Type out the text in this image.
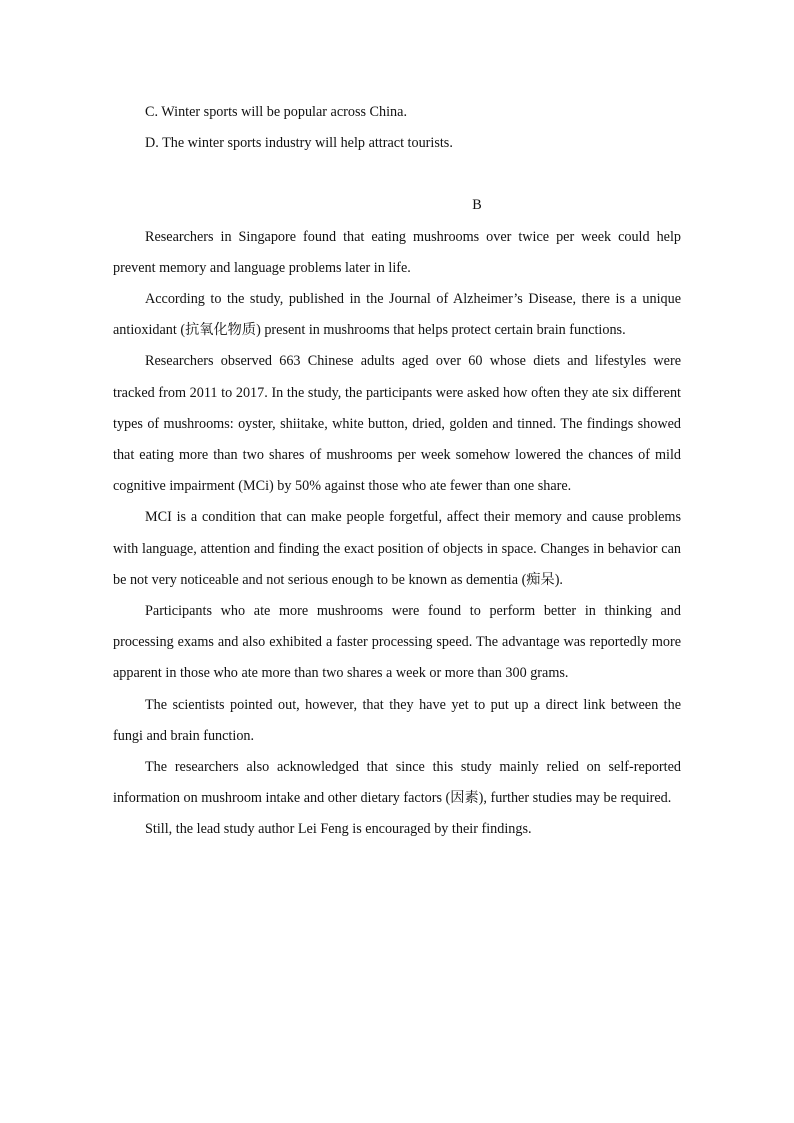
C. Winter sports will be popular across China.

D. The winter sports industry will help attract tourists.

B

Researchers in Singapore found that eating mushrooms over twice per week could help prevent memory and language problems later in life.

According to the study, published in the Journal of Alzheimer’s Disease, there is a unique antioxidant (抗氧化物质) present in mushrooms that helps protect certain brain functions.

Researchers observed 663 Chinese adults aged over 60 whose diets and lifestyles were tracked from 2011 to 2017. In the study, the participants were asked how often they ate six different types of mushrooms: oyster, shiitake, white button, dried, golden and tinned. The findings showed that eating more than two shares of mushrooms per week somehow lowered the chances of mild cognitive impairment (MCi) by 50% against those who ate fewer than one share.

MCI is a condition that can make people forgetful, affect their memory and cause problems with language, attention and finding the exact position of objects in space. Changes in behavior can be not very noticeable and not serious enough to be known as dementia (痴呆).

Participants who ate more mushrooms were found to perform better in thinking and processing exams and also exhibited a faster processing speed. The advantage was reportedly more apparent in those who ate more than two shares a week or more than 300 grams.

The scientists pointed out, however, that they have yet to put up a direct link between the fungi and brain function.

The researchers also acknowledged that since this study mainly relied on self-reported information on mushroom intake and other dietary factors (因素), further studies may be required.

Still, the lead study author Lei Feng is encouraged by their findings.
